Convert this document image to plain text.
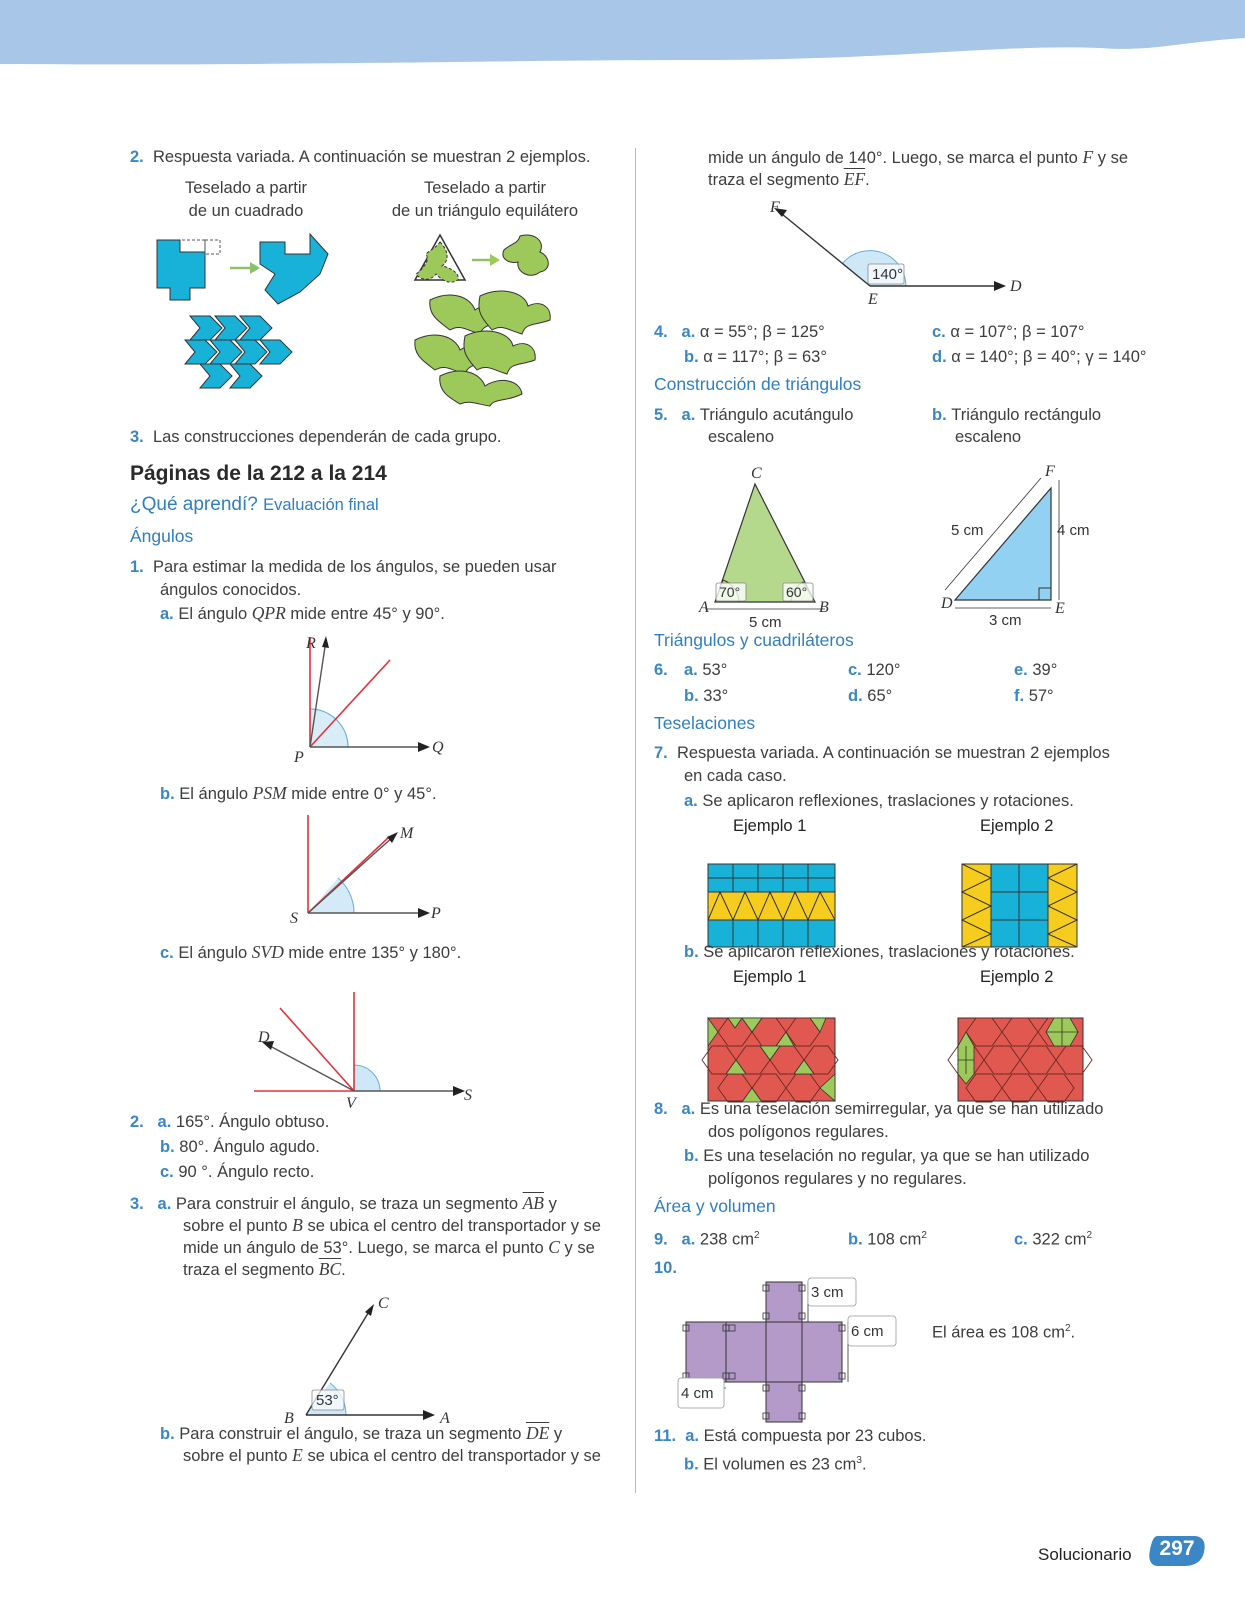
2. Respuesta variada. A continuación se muestran 2 ejemplos.
Teselado a partir
de un cuadrado
Teselado a partir
de un triángulo equilátero
3. Las construcciones dependerán de cada grupo.
Páginas de la 212 a la 214
¿Qué aprendí? Evaluación final
Ángulos
1. Para estimar la medida de los ángulos, se pueden usar
ángulos conocidos.
a. El ángulo QPR mide entre 45° y 90°.
R
P
Q
b. El ángulo PSM mide entre 0° y 45°.
M
S	P
c. El ángulo SVD mide entre 135° y 180°.
D
V	S
2. a. 165°. Ángulo obtuso.
b. 80°. Ángulo agudo.
c. 90 °. Ángulo recto.
3. a. Para construir el ángulo, se traza un segmento $\overline{AB}$ y
sobre el punto B se ubica el centro del transportador y se
mide un ángulo de 53°. Luego, se marca el punto C y se
traza el segmento $\overline{BC}$.
C
B	A
53°
b. Para construir el ángulo, se traza un segmento $\overline{DE}$ y
sobre el punto E se ubica el centro del transportador y se
mide un ángulo de 140°. Luego, se marca el punto F y se
traza el segmento $\overline{EF}$.
140°
F
E
D
4. a. α = 55°; β = 125°
b. α = 117°; β = 63°
c. α = 107°; β = 107°
d. α = 140°; β = 40°; γ = 140°
Construcción de triángulos
5. a. Triángulo acutángulo
escaleno
b. Triángulo rectángulo
escaleno
C
A	B
70°	60°
5 cm
F
D	E
5 cm	4 cm
3 cm
Triángulos y cuadriláteros
6. a. 53°	c. 120°	e. 39°
b. 33°	d. 65°	f. 57°
Teselaciones
7. Respuesta variada. A continuación se muestran 2 ejemplos
en cada caso.
a. Se aplicaron reflexiones, traslaciones y rotaciones.
Ejemplo 1	Ejemplo 2
b. Se aplicaron reflexiones, traslaciones y rotaciones.
Ejemplo 1	Ejemplo 2
8. a. Es una teselación semirregular, ya que se han utilizado
dos polígonos regulares.
b. Es una teselación no regular, ya que se han utilizado
polígonos regulares y no regulares.
Área y volumen
9. a. 238 $cm^2$	b. 108 $cm^2$	c. 322 $cm^2$
10.
3 cm
6 cm
4 cm
El área es 108 $cm^2$.
11. a. Está compuesta por 23 cubos.
b. El volumen es 23 $cm^3$.
Solucionario	297
